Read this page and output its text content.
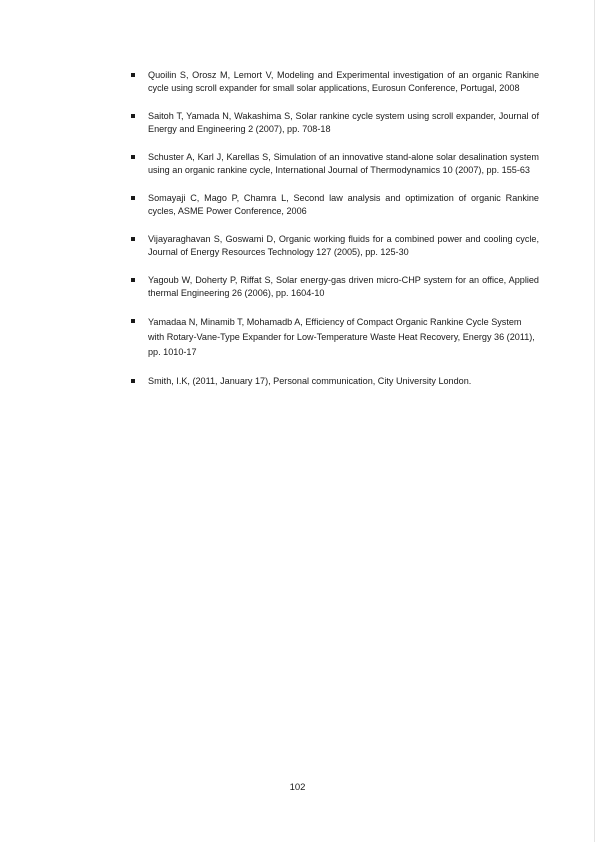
Quoilin S, Orosz M, Lemort V, Modeling and Experimental investigation of an organic Rankine cycle using scroll expander for small solar applications, Eurosun Conference, Portugal, 2008
Saitoh T, Yamada N, Wakashima S, Solar rankine cycle system using scroll expander, Journal of Energy and Engineering 2 (2007), pp. 708-18
Schuster A, Karl J, Karellas S, Simulation of an innovative stand-alone solar desalination system using an organic rankine cycle, International Journal of Thermodynamics 10 (2007), pp. 155-63
Somayaji C, Mago P, Chamra L, Second law analysis and optimization of organic Rankine cycles, ASME Power Conference, 2006
Vijayaraghavan S, Goswami D, Organic working fluids for a combined power and cooling cycle, Journal of Energy Resources Technology 127 (2005), pp. 125-30
Yagoub W, Doherty P, Riffat S, Solar energy-gas driven micro-CHP system for an office, Applied thermal Engineering 26 (2006), pp. 1604-10
Yamadaa N, Minamib T, Mohamadb A, Efficiency of Compact Organic Rankine Cycle System with Rotary-Vane-Type Expander for Low-Temperature Waste Heat Recovery, Energy 36 (2011), pp. 1010-17
Smith, I.K, (2011, January 17), Personal communication, City University London.
102
